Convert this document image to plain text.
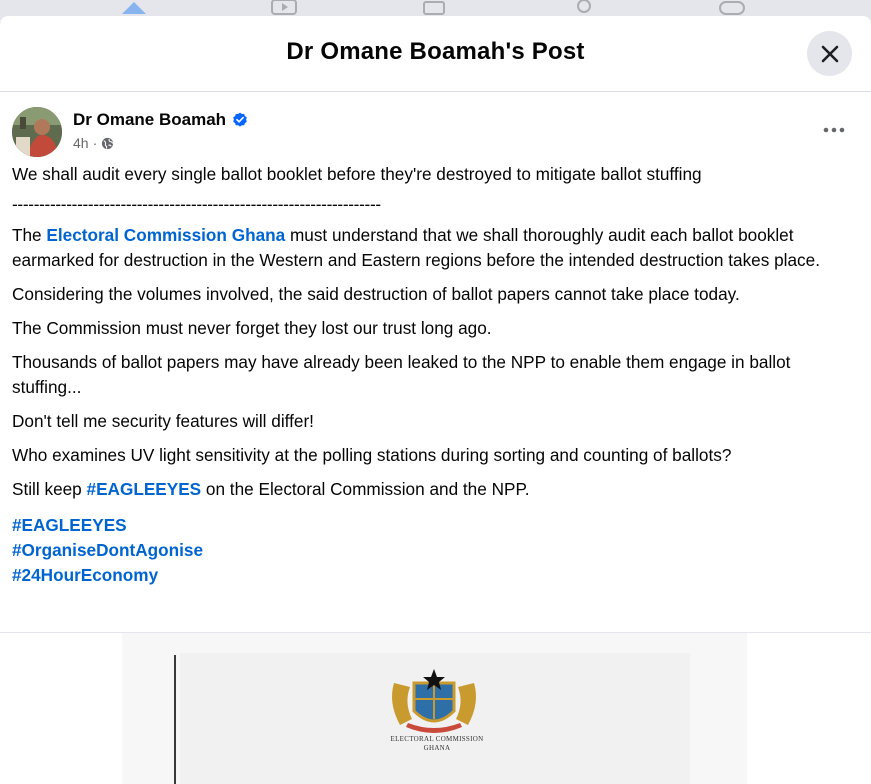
Dr Omane Boamah's Post
Dr Omane Boamah
4h ·

We shall audit every single ballot booklet before they're destroyed to mitigate ballot stuffing

--------------------------------------------------------------------

The Electoral Commission Ghana must understand that we shall thoroughly audit each ballot booklet earmarked for destruction in the Western and Eastern regions before the intended destruction takes place.

Considering the volumes involved, the said destruction of ballot papers cannot take place today.

The Commission must never forget they lost our trust long ago.

Thousands of ballot papers may have already been leaked to the NPP to enable them engage in ballot stuffing...

Don't tell me security features will differ!

Who examines UV light sensitivity at the polling stations during sorting and counting of ballots?

Still keep #EAGLEEYES on the Electoral Commission and the NPP.

#EAGLEEYES
#OrganiseDontAgonise
#24HourEconomy
ELECTORAL COMMISSION
GHANA
